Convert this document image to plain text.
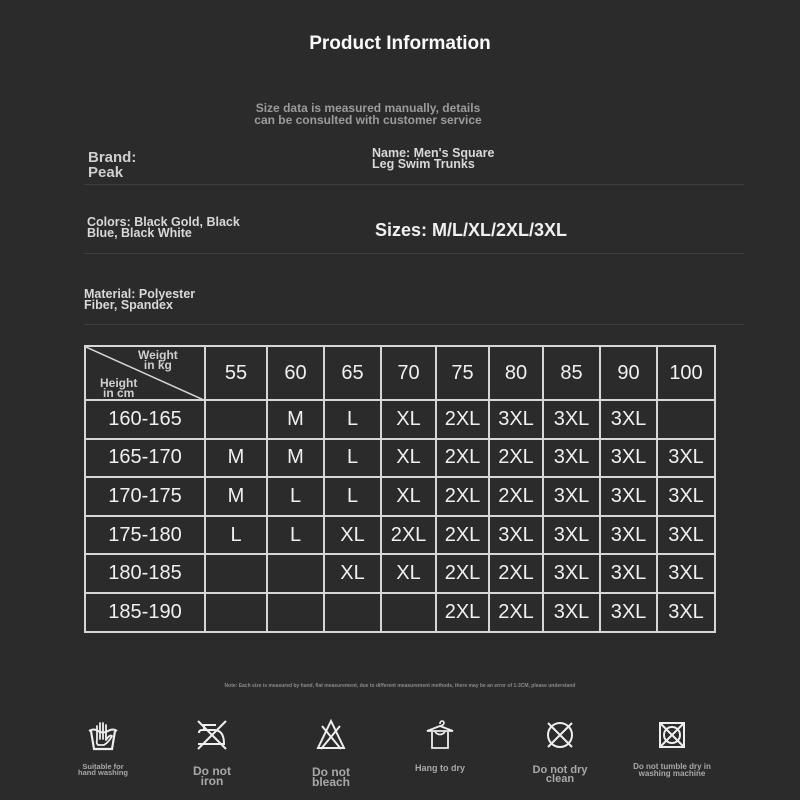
Product Information
Size data is measured manually, details
can be consulted with customer service
Brand:
Peak
Name: Men's Square
Leg Swim Trunks
Colors: Black Gold, Black
Blue, Black White	Sizes: M/L/XL/2XL/3XL
Material: Polyester
Fiber, Spandex
Weight
in kg
Height
in cm	55	60	65	70	75	80	85	90	100
160-165		M	L	XL	2XL	3XL	3XL	3XL	
165-170	M	M	L	XL	2XL	2XL	3XL	3XL	3XL
170-175	M	L	L	XL	2XL	2XL	3XL	3XL	3XL
175-180	L	L	XL	2XL	2XL	3XL	3XL	3XL	3XL
180-185			XL	XL	2XL	2XL	3XL	3XL	3XL
185-190					2XL	2XL	3XL	3XL	3XL
Note: Each size is measured by hand, flat measurement, due to different measurement methods, there may be an error of 1-3CM, please understand
Suitable for
hand washing	Do not
iron
Do not
bleach
Hang to dry	Do not dry
clean
Do not tumble dry in
washing machine
